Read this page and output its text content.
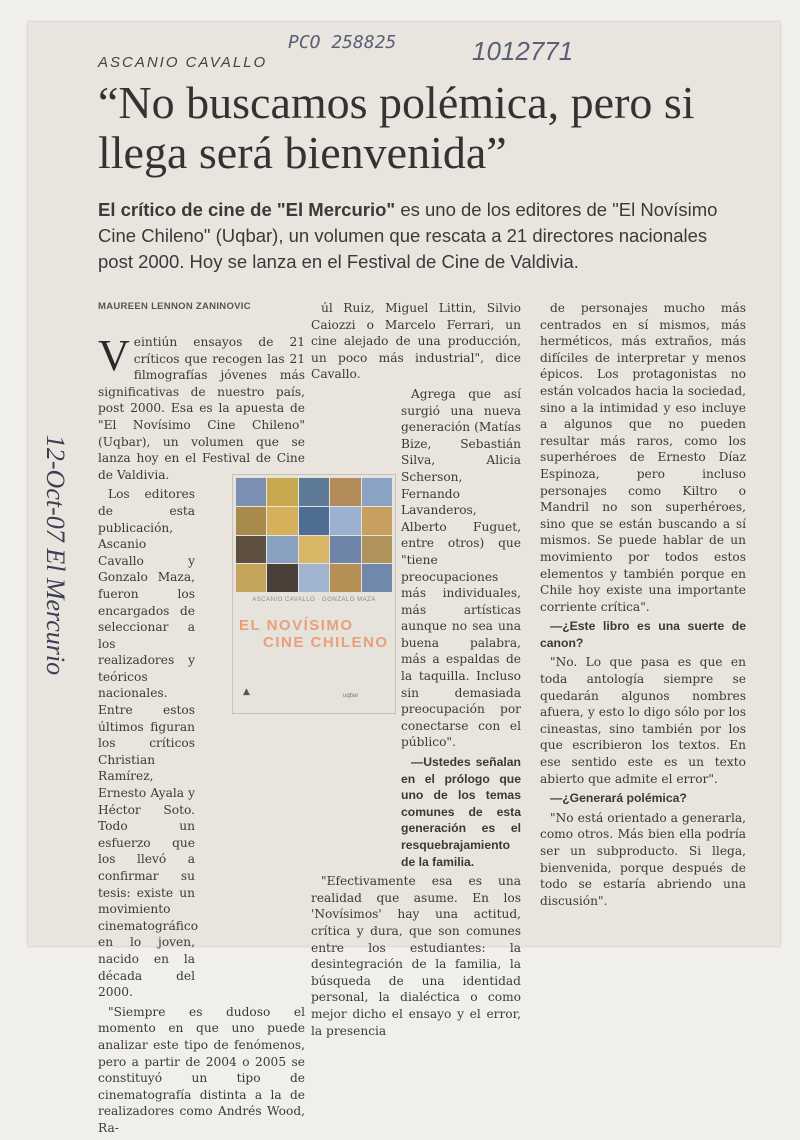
ASCANIO CAVALLO
PCO 258825	1012771
12-Oct-07 El Mercurio
“No buscamos polémica, pero si llega será bienvenida”

El crítico de cine de "El Mercurio" es uno de los editores de "El Novísimo Cine Chileno" (Uqbar), un volumen que rescata a 21 directores nacionales post 2000. Hoy se lanza en el Festival de Cine de Valdivia.

MAUREEN LENNON ZANINOVIC

Veintiún ensayos de 21 críticos que recogen las 21 filmografías jóvenes más significativas de nuestro país, post 2000. Esa es la apuesta de "El Novísimo Cine Chileno" (Uqbar), un volumen que se lanza hoy en el Festival de Cine de Valdivia.

Los editores de esta publicación, Ascanio Cavallo y Gonzalo Maza, fueron los encargados de seleccionar a los realizadores y teóricos nacionales. Entre estos últimos figuran los críticos Christian Ramírez, Ernesto Ayala y Héctor Soto. Todo un esfuerzo que los llevó a confirmar su tesis: existe un movimiento cinematográfico en lo joven, nacido en la década del 2000.

"Siempre es dudoso el momento en que uno puede analizar este tipo de fenómenos, pero a partir de 2004 o 2005 se constituyó un tipo de cinematografía distinta a la de realizadores como Andrés Wood, Ra-

úl Ruiz, Miguel Littin, Silvio Caiozzi o Marcelo Ferrari, un cine alejado de una producción, un poco más industrial", dice Cavallo.

Agrega que así surgió una nueva generación (Matías Bize, Sebastián Silva, Alicia Scherson, Fernando Lavanderos, Alberto Fuguet, entre otros) que "tiene preocupaciones más individuales, más artísticas aunque no sea una buena palabra, más a espaldas de la taquilla. Incluso sin demasiada preocupación por conectarse con el público".

—Ustedes señalan en el prólogo que uno de los temas comunes de esta generación es el resquebrajamiento de la familia.

"Efectivamente esa es una realidad que asume. En los 'Novísimos' hay una actitud, crítica y dura, que son comunes entre los estudiantes: la desintegración de la familia, la búsqueda de una identidad personal, la dialéctica o como mejor dicho el ensayo y el error, la presencia

de personajes mucho más centrados en sí mismos, más herméticos, más extraños, más difíciles de interpretar y menos épicos. Los protagonistas no están volcados hacia la sociedad, sino a la intimidad y eso incluye a algunos que no pueden resultar más raros, como los superhéroes de Ernesto Díaz Espinoza, pero incluso personajes como Kiltro o Mandril no son superhéroes, sino que se están buscando a sí mismos. Se puede hablar de un movimiento por todos estos elementos y también porque en Chile hoy existe una importante corriente crítica".

—¿Este libro es una suerte de canon?

"No. Lo que pasa es que en toda antología siempre se quedarán algunos nombres afuera, y esto lo digo sólo por los cineastas, sino también por los que escribieron los textos. En ese sentido este es un texto abierto que admite el error".

—¿Generará polémica?

"No está orientado a generarla, como otros. Más bien ella podría ser un subproducto. Si llega, bienvenida, porque después de todo se estaría abriendo una discusión".

ASCANIO CAVALLO · GONZALO MAZA
EL NOVÍSIMO
CINE CHILENO
▲	uqbar
